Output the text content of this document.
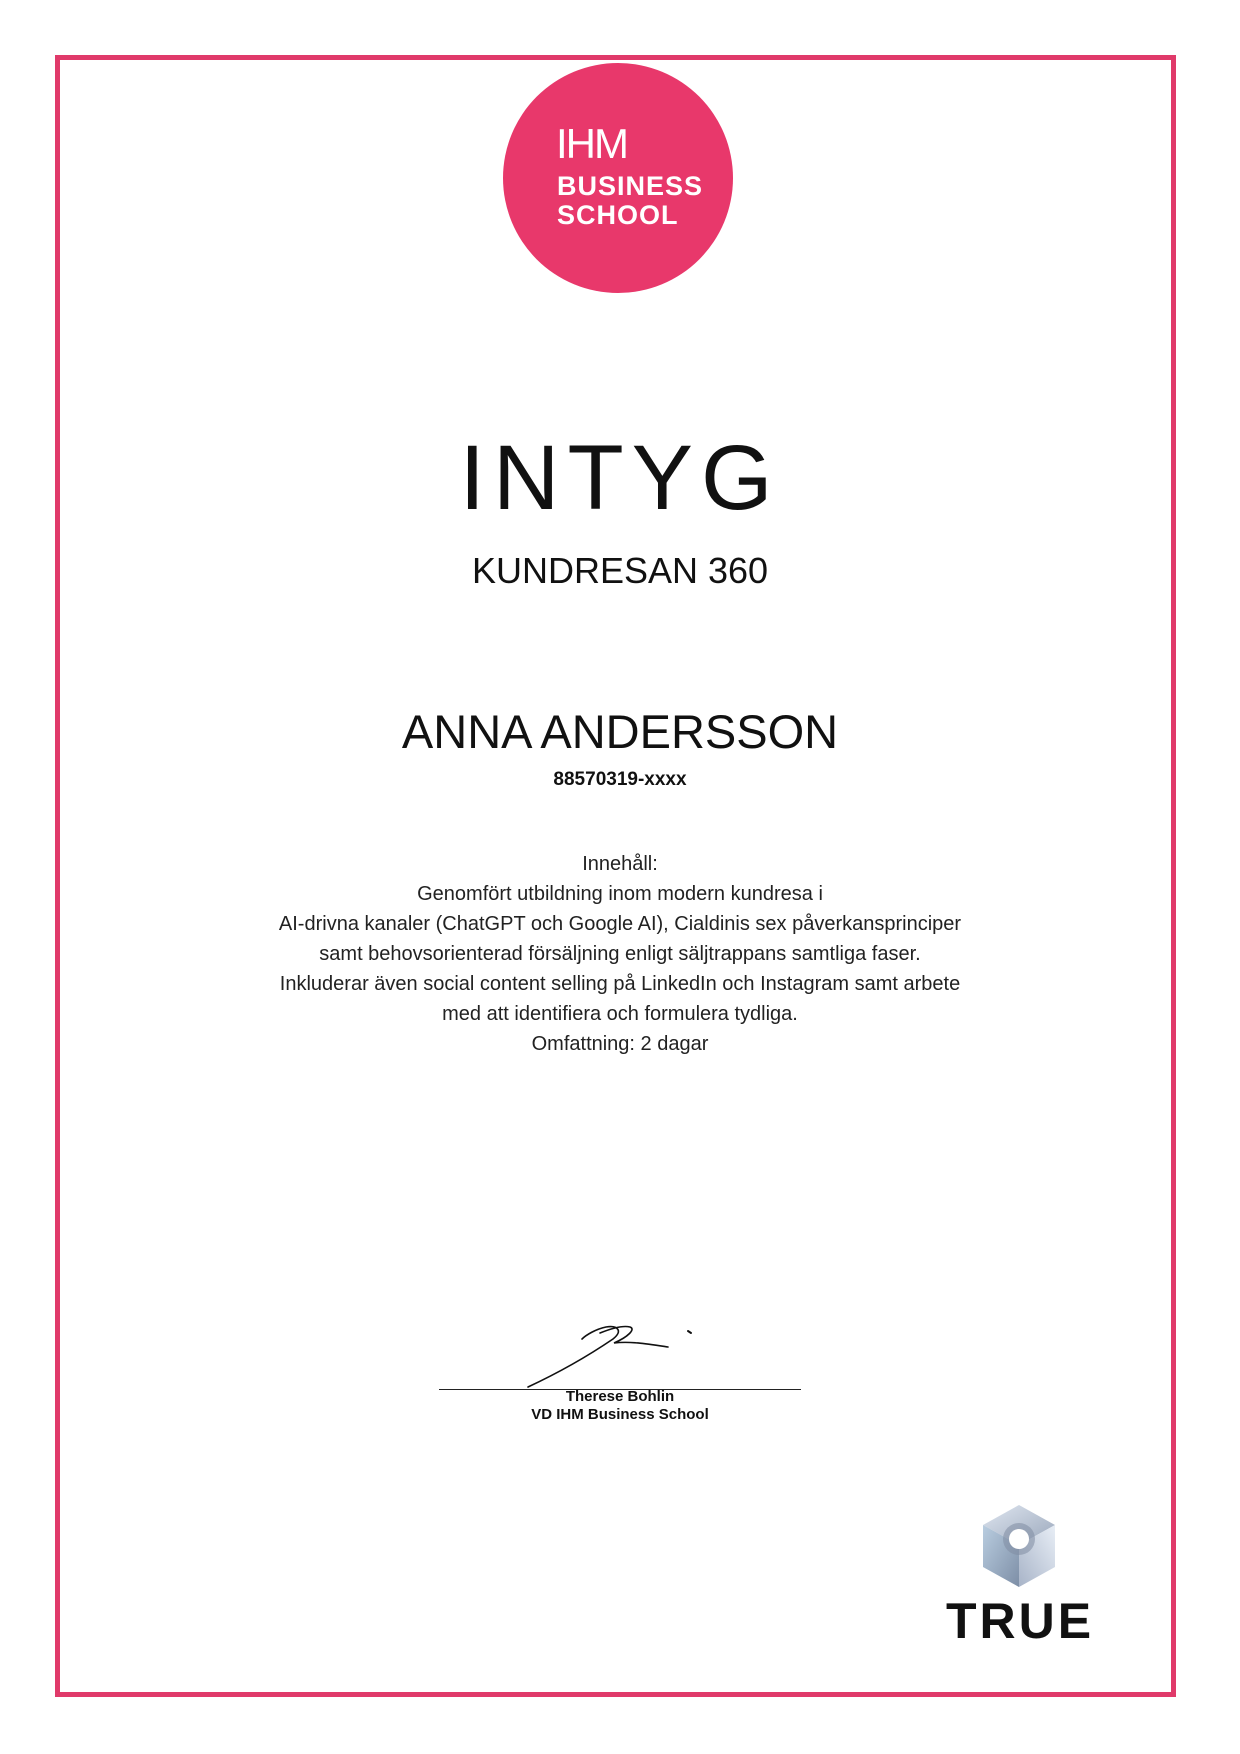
IHM
BUSINESS
SCHOOL
INTYG
KUNDRESAN 360
ANNA ANDERSSON
88570319-xxxx
Innehåll:
Genomfört utbildning inom modern kundresa i
AI-drivna kanaler (ChatGPT och Google AI), Cialdinis sex påverkansprinciper
samt behovsorienterad försäljning enligt säljtrappans samtliga faser.
Inkluderar även social content selling på LinkedIn och Instagram samt arbete
med att identifiera och formulera tydliga.
Omfattning: 2 dagar
Therese Bohlin
VD IHM Business School
TRUE
